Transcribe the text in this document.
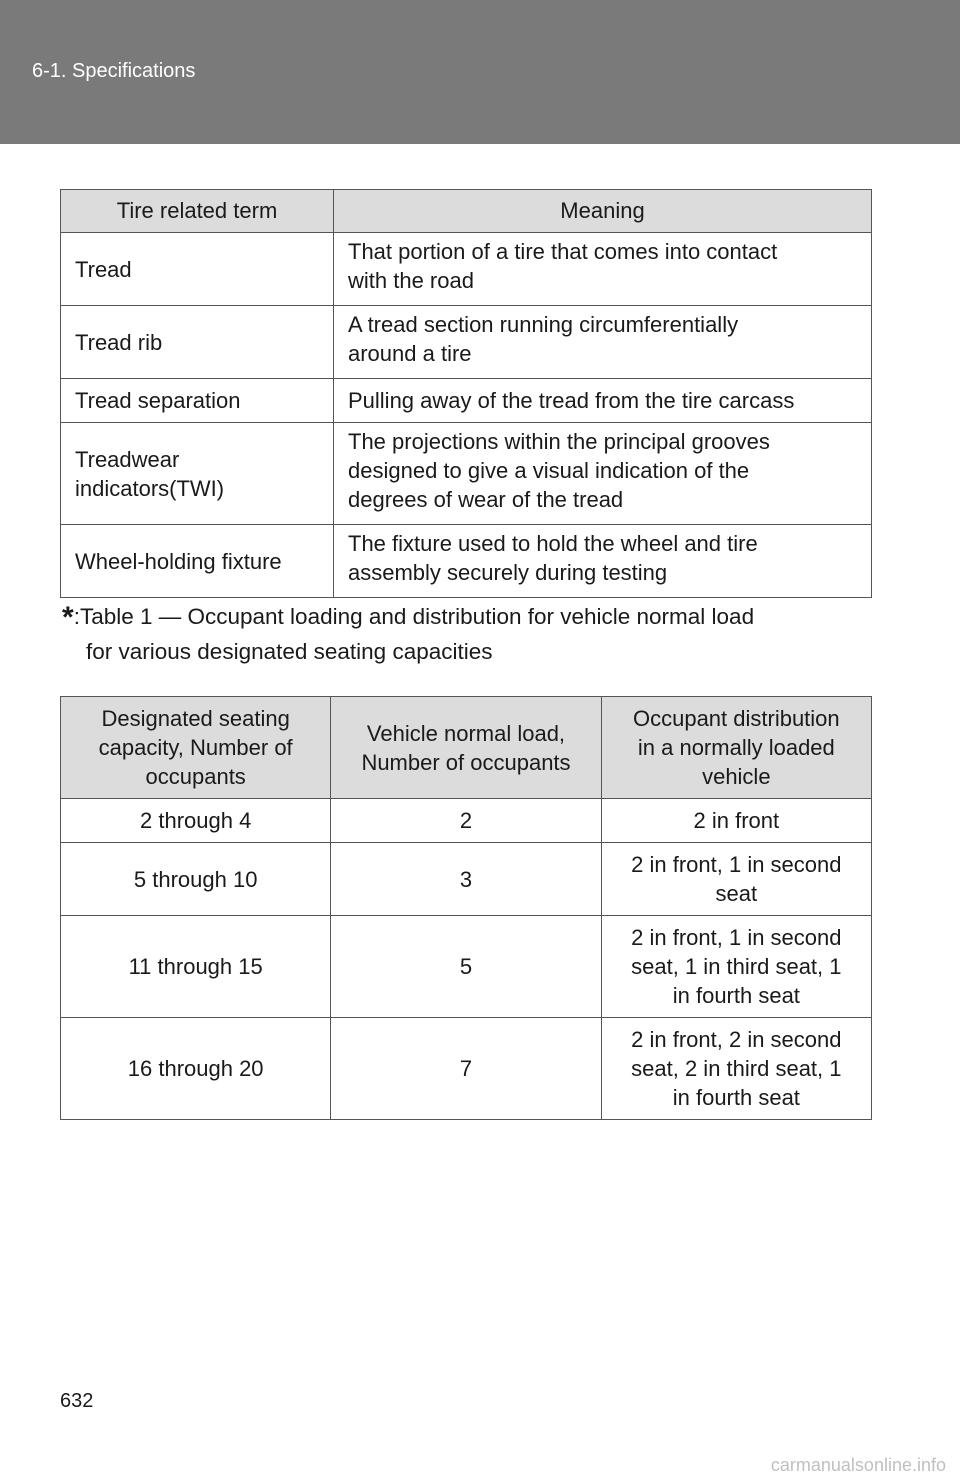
6-1. Specifications
Tire related term	Meaning
Tread	That portion of a tire that comes into contact
with the road
Tread rib	A tread section running circumferentially
around a tire
Tread separation	Pulling away of the tread from the tire carcass
Treadwear
indicators(TWI)	The projections within the principal grooves
designed to give a visual indication of the
degrees of wear of the tread
Wheel-holding fixture	The fixture used to hold the wheel and tire
assembly securely during testing
*:Table 1 — Occupant loading and distribution for vehicle normal load
for various designated seating capacities
Designated seating
capacity, Number of
occupants	Vehicle normal load,
Number of occupants	Occupant distribution
in a normally loaded
vehicle
2 through 4	2	2 in front
5 through 10	3	2 in front, 1 in second
seat
11 through 15	5	2 in front, 1 in second
seat, 1 in third seat, 1
in fourth seat
16 through 20	7	2 in front, 2 in second
seat, 2 in third seat, 1
in fourth seat
632
carmanualsonline.info
